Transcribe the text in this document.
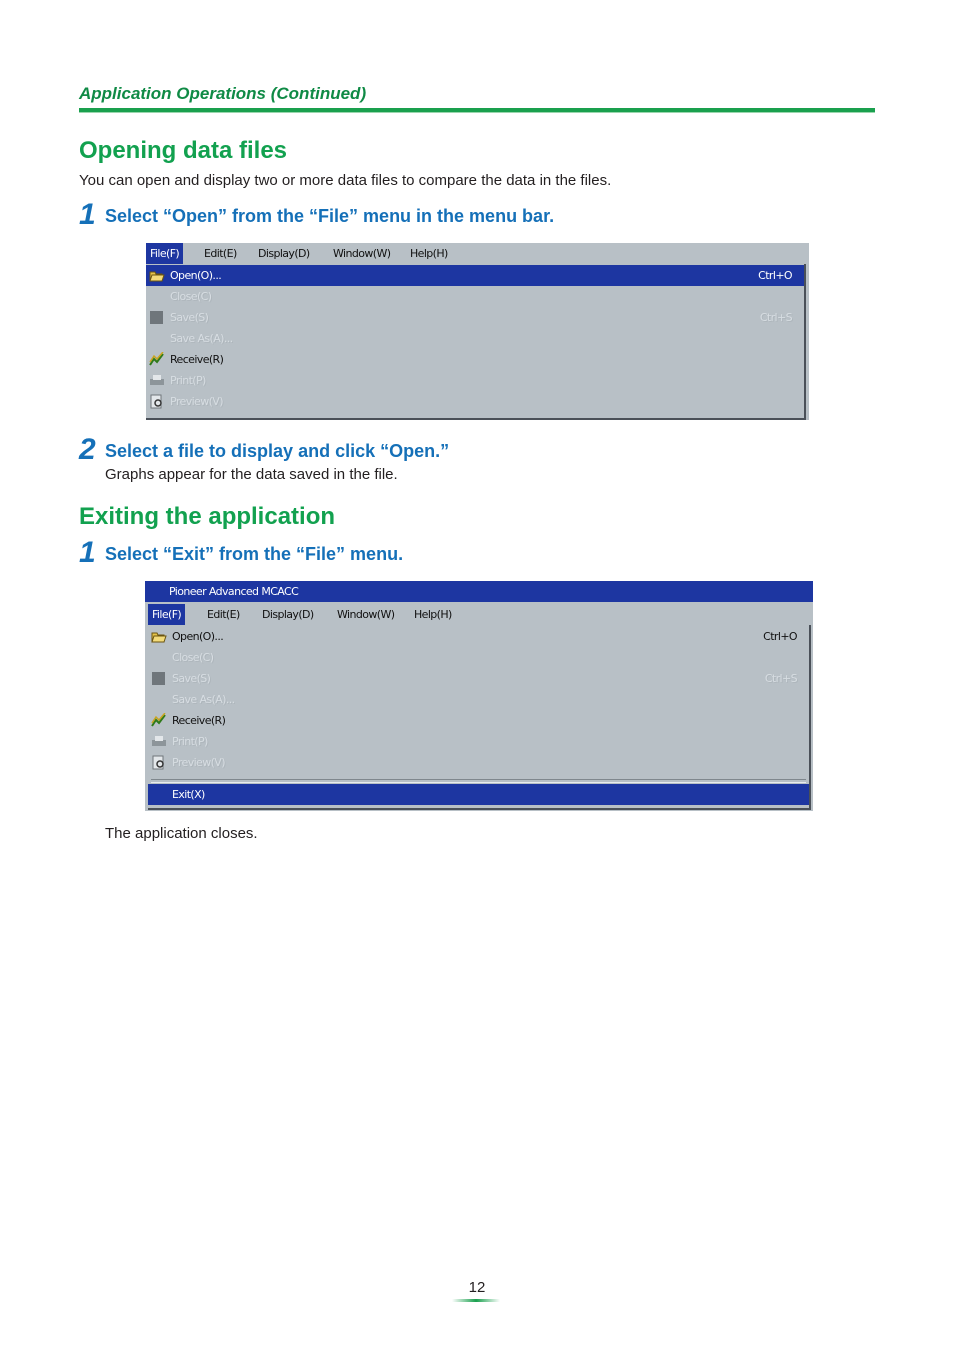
Application Operations (Continued)
Opening data files
You can open and display two or more data files to compare the data in the files.
1 Select “Open” from the “File” menu in the menu bar.
File(F)	Edit(E)	Display(D)	Window(W)	Help(H)
Open(O)...	Ctrl+O
Close(C)
Save(S)	Ctrl+S
Save As(A)...
Receive(R)
Print(P)
Preview(V)
2 Select a file to display and click “Open.”
Graphs appear for the data saved in the file.
Exiting the application
1 Select “Exit” from the “File” menu.
Pioneer Advanced MCACC
File(F)	Edit(E)	Display(D)	Window(W)	Help(H)
Open(O)...	Ctrl+O
Close(C)
Save(S)	Ctrl+S
Save As(A)...
Receive(R)
Print(P)
Preview(V)
Exit(X)
The application closes.
12
